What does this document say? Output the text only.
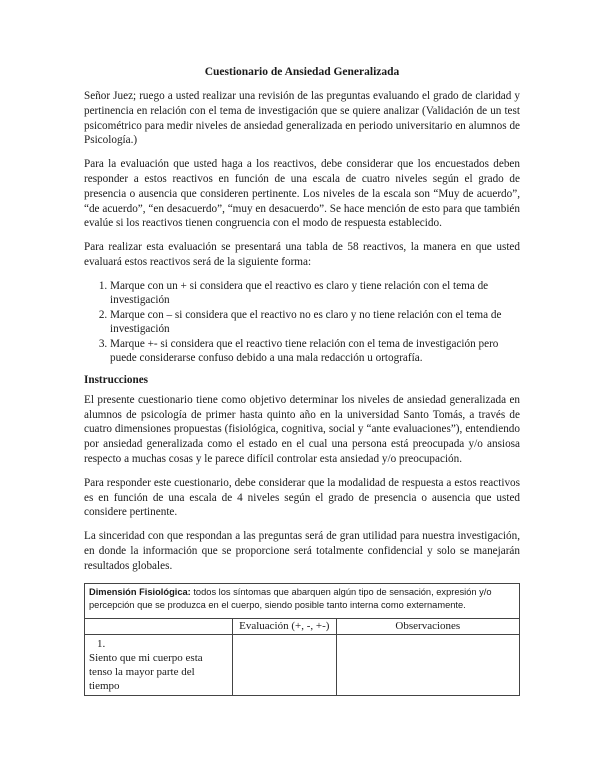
Cuestionario de Ansiedad Generalizada

Señor Juez; ruego a usted realizar una revisión de las preguntas evaluando el grado de claridad y pertinencia en relación con el tema de investigación que se quiere analizar (Validación de un test psicométrico para medir niveles de ansiedad generalizada en periodo universitario en alumnos de Psicología.)

Para la evaluación que usted haga a los reactivos, debe considerar que los encuestados deben responder a estos reactivos en función de una escala de cuatro niveles según el grado de presencia o ausencia que consideren pertinente. Los niveles de la escala son “Muy de acuerdo”, “de acuerdo”, “en desacuerdo”, “muy en desacuerdo”. Se hace mención de esto para que también evalúe si los reactivos tienen congruencia con el modo de respuesta establecido.

Para realizar esta evaluación se presentará una tabla de 58 reactivos, la manera en que usted evaluará estos reactivos será de la siguiente forma:

1. Marque con un + si considera que el reactivo es claro y tiene relación con el tema de investigación
2. Marque con – si considera que el reactivo no es claro y no tiene relación con el tema de investigación
3. Marque +- si considera que el reactivo tiene relación con el tema de investigación pero puede considerarse confuso debido a una mala redacción u ortografía.
Instrucciones

El presente cuestionario tiene como objetivo determinar los niveles de ansiedad generalizada en alumnos de psicología de primer hasta quinto año en la universidad Santo Tomás, a través de cuatro dimensiones propuestas (fisiológica, cognitiva, social y “ante evaluaciones”), entendiendo por ansiedad generalizada como el estado en el cual una persona está preocupada y/o ansiosa respecto a muchas cosas y le parece difícil controlar esta ansiedad y/o preocupación.

Para responder este cuestionario, debe considerar que la modalidad de respuesta a estos reactivos es en función de una escala de 4 niveles según el grado de presencia o ausencia que usted considere pertinente.

La sinceridad con que respondan a las preguntas será de gran utilidad para nuestra investigación, en donde la información que se proporcione será totalmente confidencial y solo se manejarán resultados globales.

Dimensión Fisiológica: todos los síntomas que abarquen algún tipo de sensación, expresión y/o percepción que se produzca en el cuerpo, siendo posible tanto interna como externamente.		
	Evaluación (+, -, +-)	Observaciones
1.Siento que mi cuerpo esta tenso la mayor parte del tiempo		
